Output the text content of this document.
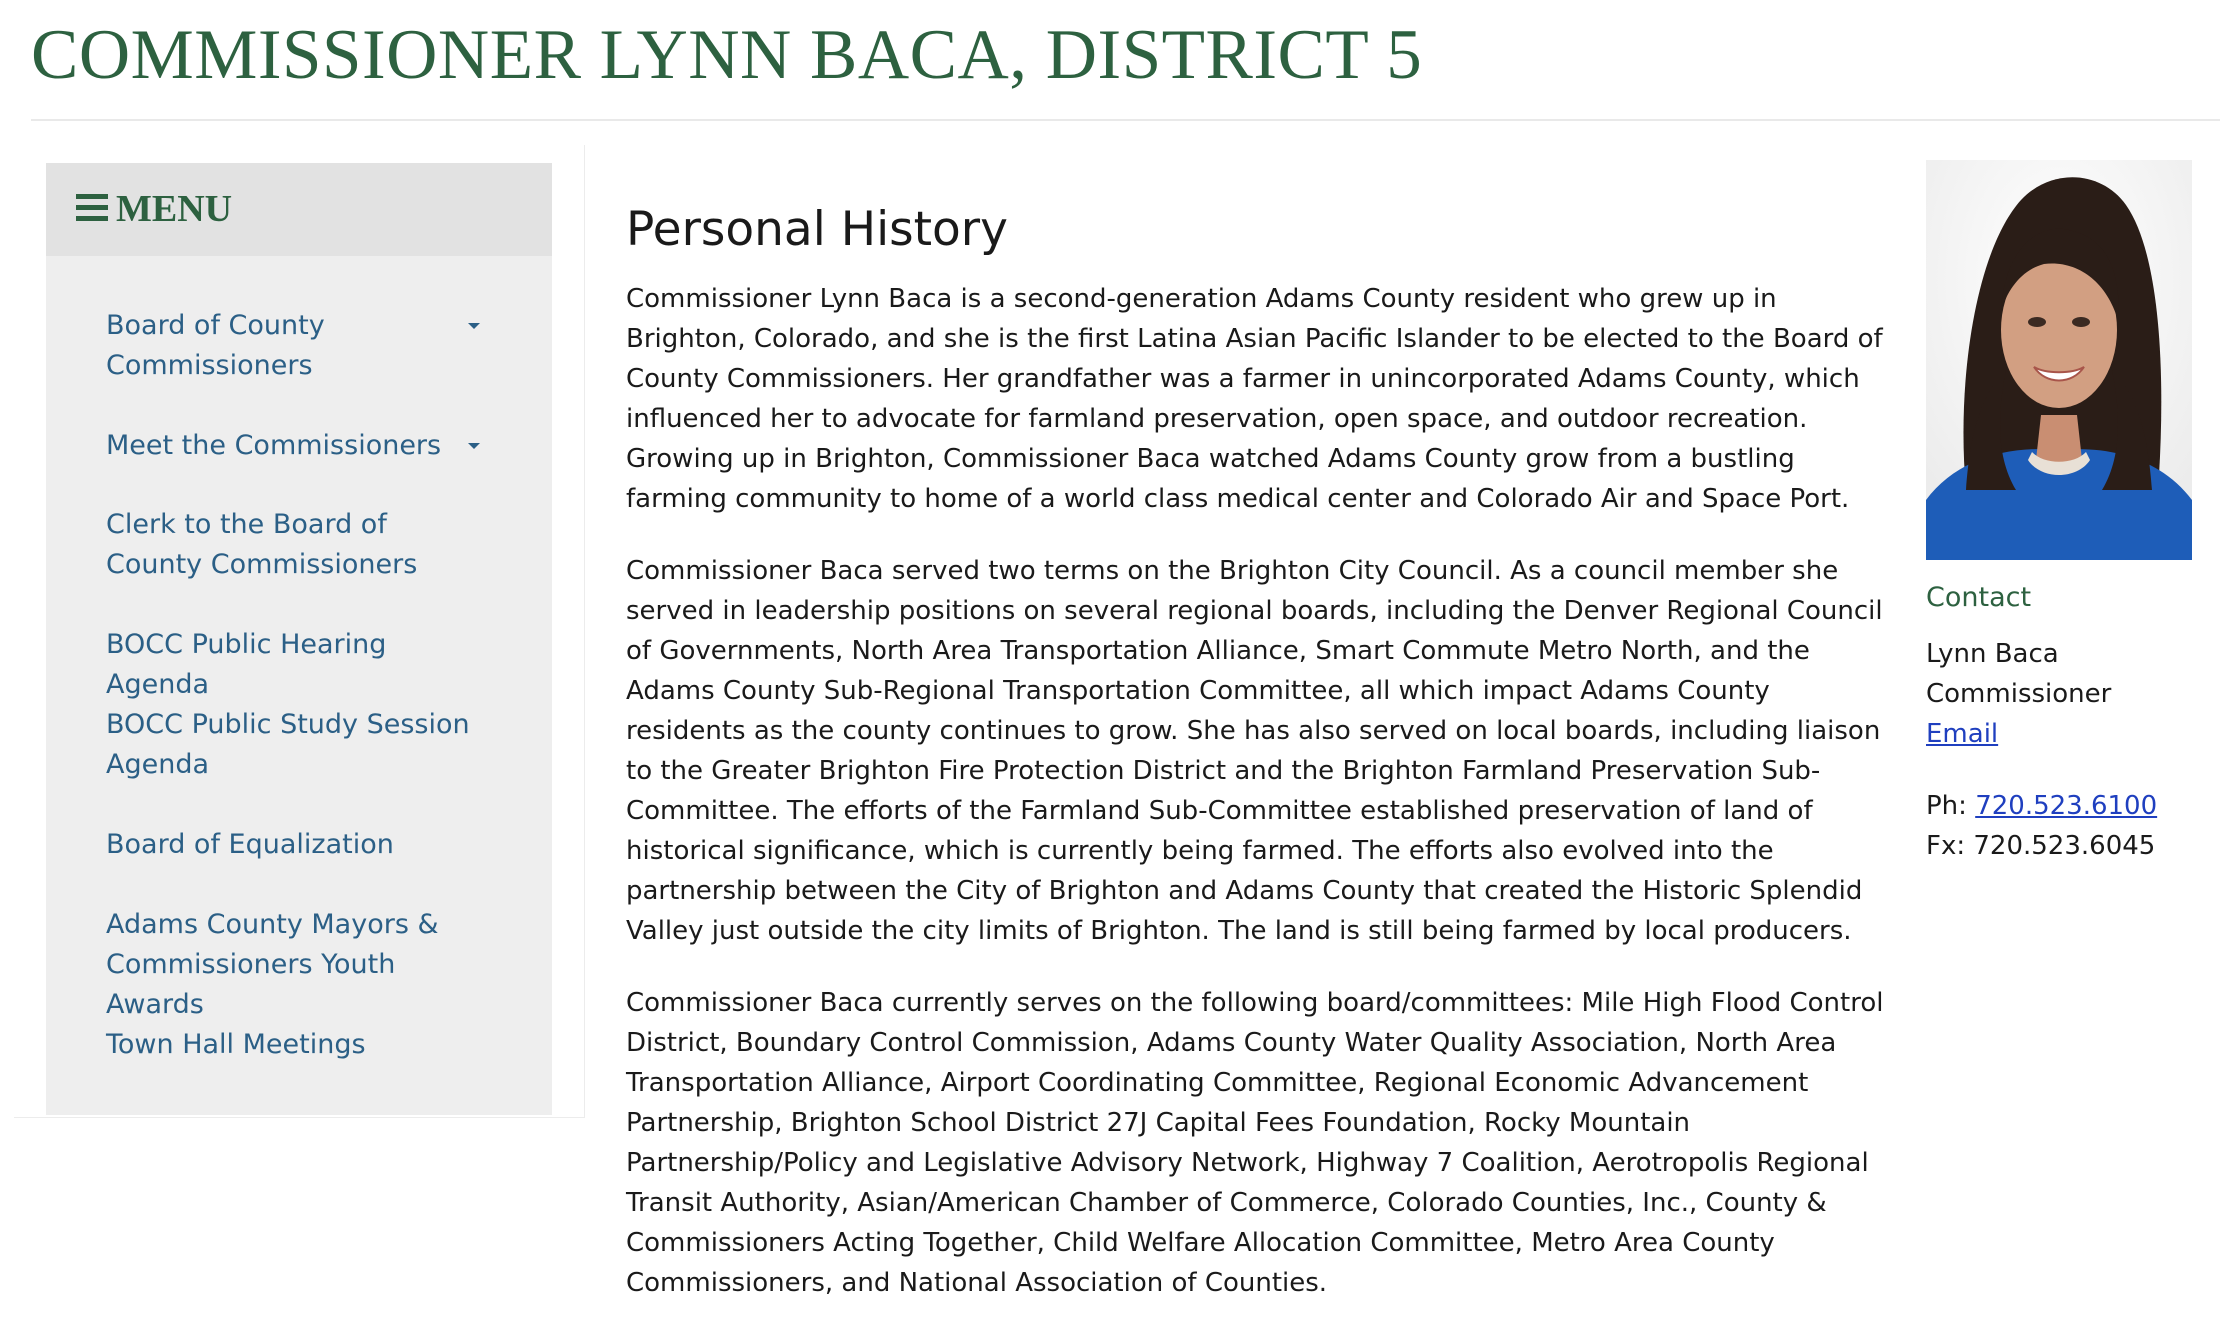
COMMISSIONER LYNN BACA, DISTRICT 5
MENU
Board of County Commissioners
Meet the Commissioners
Clerk to the Board of County Commissioners
BOCC Public Hearing Agenda
BOCC Public Study Session Agenda
Board of Equalization
Adams County Mayors & Commissioners Youth Awards
Town Hall Meetings
Personal History

Commissioner Lynn Baca is a second-generation Adams County resident who grew up in Brighton, Colorado, and she is the first Latina Asian Pacific Islander to be elected to the Board of County Commissioners. Her grandfather was a farmer in unincorporated Adams County, which influenced her to advocate for farmland preservation, open space, and outdoor recreation. Growing up in Brighton, Commissioner Baca watched Adams County grow from a bustling farming community to home of a world class medical center and Colorado Air and Space Port.

Commissioner Baca served two terms on the Brighton City Council. As a council member she served in leadership positions on several regional boards, including the Denver Regional Council of Governments, North Area Transportation Alliance, Smart Commute Metro North, and the Adams County Sub-Regional Transportation Committee, all which impact Adams County residents as the county continues to grow. She has also served on local boards, including liaison to the Greater Brighton Fire Protection District and the Brighton Farmland Preservation Sub-Committee. The efforts of the Farmland Sub-Committee established preservation of land of historical significance, which is currently being farmed. The efforts also evolved into the partnership between the City of Brighton and Adams County that created the Historic Splendid Valley just outside the city limits of Brighton. The land is still being farmed by local producers.

Commissioner Baca currently serves on the following board/committees: Mile High Flood Control District, Boundary Control Commission, Adams County Water Quality Association, North Area Transportation Alliance, Airport Coordinating Committee, Regional Economic Advancement Partnership, Brighton School District 27J Capital Fees Foundation, Rocky Mountain Partnership/Policy and Legislative Advisory Network, Highway 7 Coalition, Aerotropolis Regional Transit Authority, Asian/American Chamber of Commerce, Colorado Counties, Inc., County & Commissioners Acting Together, Child Welfare Allocation Committee, Metro Area County Commissioners, and National Association of Counties.

Contact
Lynn Baca
Commissioner
Email
Ph: 720.523.6100
Fx: 720.523.6045
